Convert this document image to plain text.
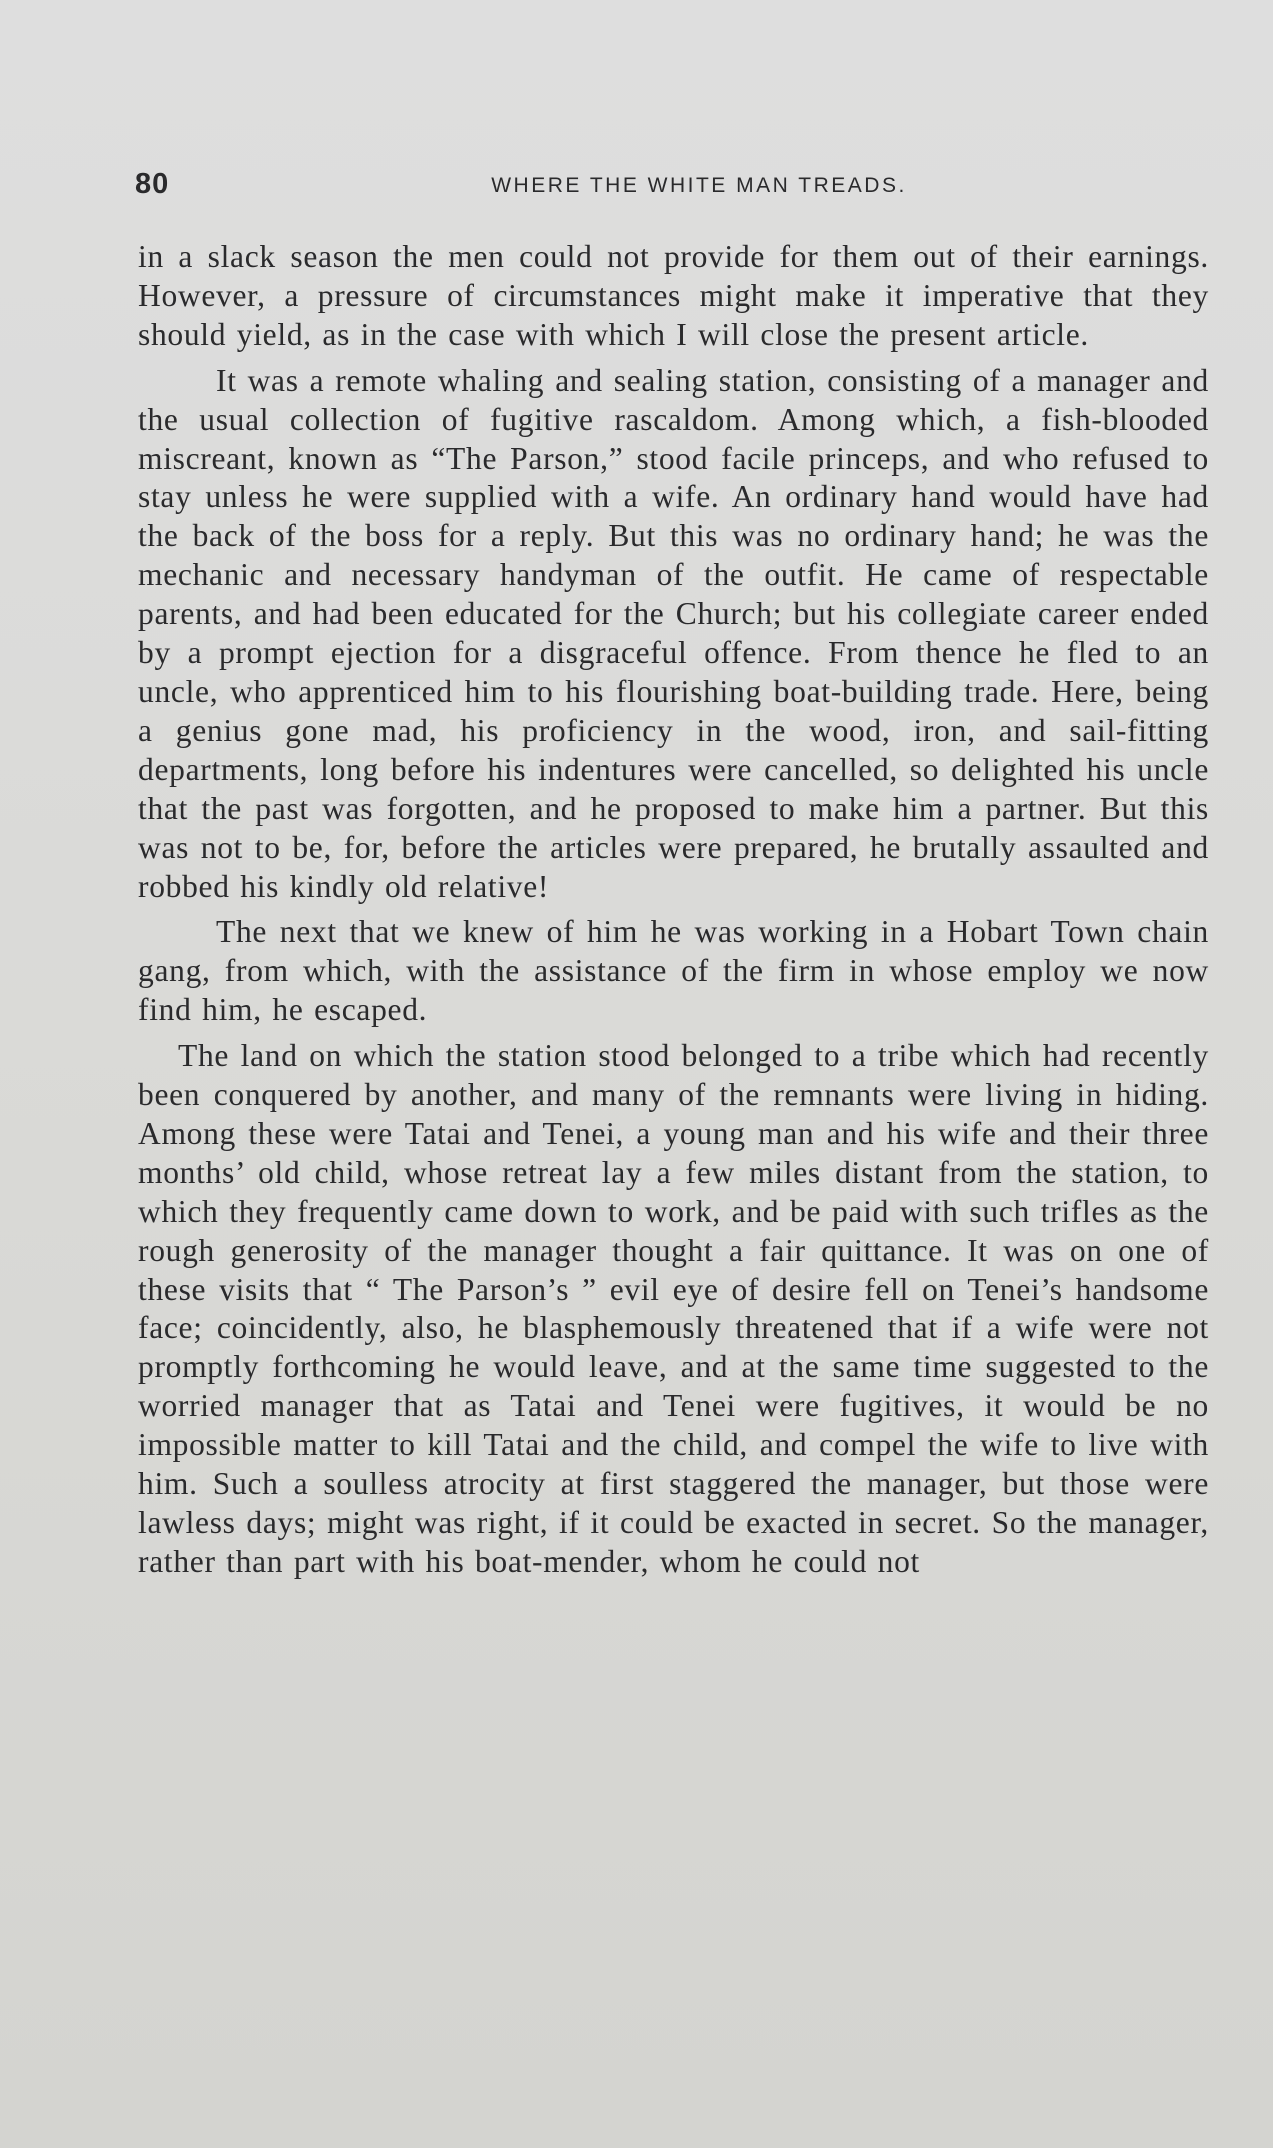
80	WHERE THE WHITE MAN TREADS.

in a slack season the men could not provide for them out of their earnings. However, a pressure of circumstances might make it imperative that they should yield, as in the case with which I will close the present article.

It was a remote whaling and sealing station, consisting of a manager and the usual collection of fugitive rascaldom. Among which, a fish-blooded miscreant, known as “The Parson,” stood facile princeps, and who refused to stay unless he were supplied with a wife. An ordinary hand would have had the back of the boss for a reply. But this was no ordinary hand; he was the mechanic and necessary handyman of the outfit. He came of respectable parents, and had been educated for the Church; but his collegiate career ended by a prompt ejection for a disgraceful offence. From thence he fled to an uncle, who apprenticed him to his flourishing boat-building trade. Here, being a genius gone mad, his proficiency in the wood, iron, and sail-fitting departments, long before his indentures were cancelled, so delighted his uncle that the past was forgotten, and he proposed to make him a partner. But this was not to be, for, before the articles were prepared, he brutally assaulted and robbed his kindly old relative!

The next that we knew of him he was working in a Hobart Town chain gang, from which, with the assistance of the firm in whose employ we now find him, he escaped.

The land on which the station stood belonged to a tribe which had recently been conquered by another, and many of the remnants were living in hiding. Among these were Tatai and Tenei, a young man and his wife and their three months’ old child, whose retreat lay a few miles distant from the station, to which they frequently came down to work, and be paid with such trifles as the rough generosity of the manager thought a fair quittance. It was on one of these visits that “ The Parson’s ” evil eye of desire fell on Tenei’s handsome face; coincidently, also, he blasphemously threatened that if a wife were not promptly forthcoming he would leave, and at the same time suggested to the worried manager that as Tatai and Tenei were fugitives, it would be no impossible matter to kill Tatai and the child, and compel the wife to live with him. Such a soulless atrocity at first staggered the manager, but those were lawless days; might was right, if it could be exacted in secret. So the manager, rather than part with his boat-mender, whom he could not
